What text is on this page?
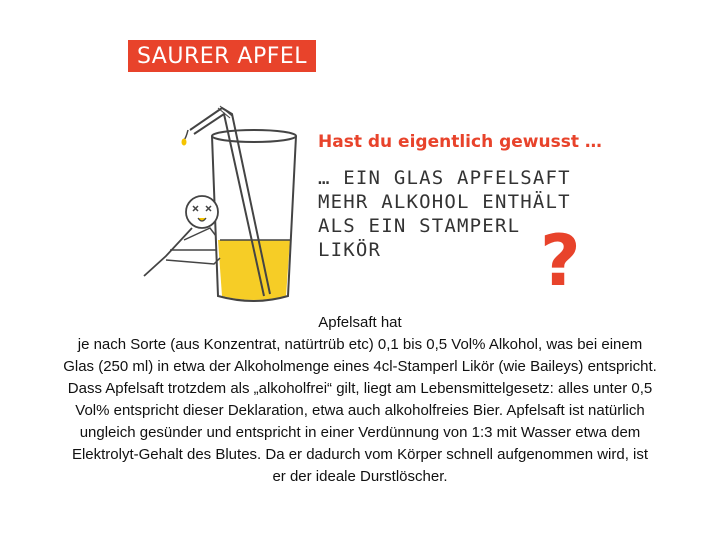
SAURER APFEL
Hast du eigentlich gewusst …
… EIN GLAS APFELSAFT
MEHR ALKOHOL ENTHÄLT
ALS EIN STAMPERL
LIKÖR	?

Apfelsaft hat

je nach Sorte (aus Konzentrat, natürtrüb etc) 0,1 bis 0,5 Vol% Alkohol, was bei einem

Glas (250 ml) in etwa der Alkoholmenge eines 4cl-Stamperl Likör (wie Baileys) entspricht.

Dass Apfelsaft trotzdem als „alkoholfrei“ gilt, liegt am Lebensmittelgesetz: alles unter 0,5

Vol% entspricht dieser Deklaration, etwa auch alkoholfreies Bier. Apfelsaft ist natürlich

ungleich gesünder und entspricht in einer Verdünnung von 1:3 mit Wasser etwa dem

Elektrolyt-Gehalt des Blutes. Da er dadurch vom Körper schnell aufgenommen wird, ist

er der ideale Durstlöscher.
